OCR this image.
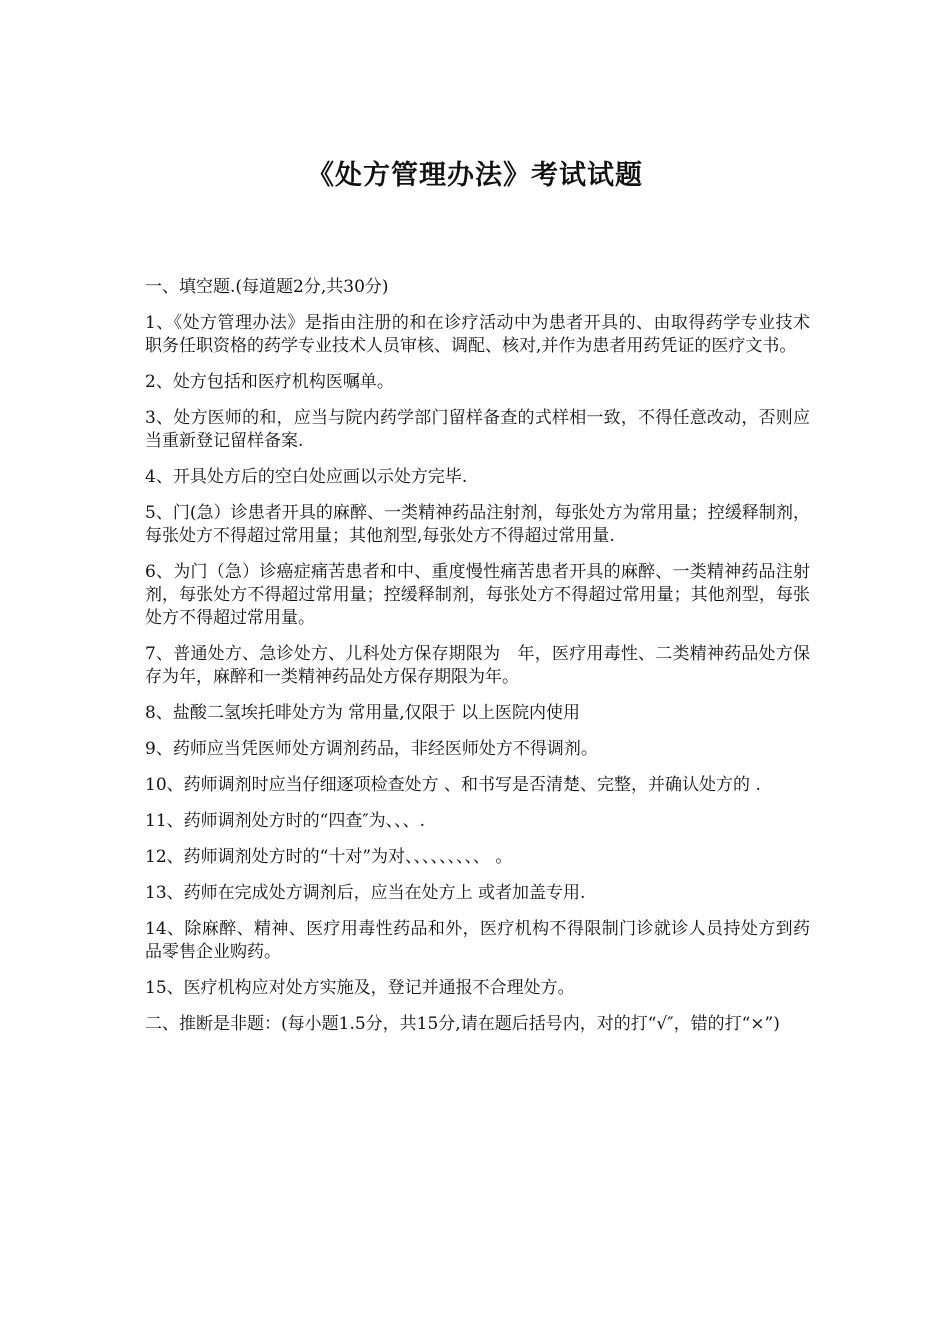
《处方管理办法》考试试题

一、填空题.(每道题2分,共30分)

1、《处方管理办法》是指由注册的和在诊疗活动中为患者开具的、由取得药学专业技术职务任职资格的药学专业技术人员审核、调配、核对,并作为患者用药凭证的医疗文书。

2、处方包括和医疗机构医嘱单。

3、处方医师的和，应当与院内药学部门留样备查的式样相一致，不得任意改动，否则应当重新登记留样备案.

4、开具处方后的空白处应画以示处方完毕.

5、门(急）诊患者开具的麻醉、一类精神药品注射剂，每张处方为常用量；控缓释制剂，每张处方不得超过常用量；其他剂型,每张处方不得超过常用量.

6、为门（急）诊癌症痛苦患者和中、重度慢性痛苦患者开具的麻醉、一类精神药品注射剂，每张处方不得超过常用量；控缓释制剂，每张处方不得超过常用量；其他剂型，每张处方不得超过常用量。

7、普通处方、急诊处方、儿科处方保存期限为　年，医疗用毒性、二类精神药品处方保存为年，麻醉和一类精神药品处方保存期限为年。

8、盐酸二氢埃托啡处方为 常用量,仅限于 以上医院内使用

9、药师应当凭医师处方调剂药品，非经医师处方不得调剂。

10、药师调剂时应当仔细逐项检查处方 、和书写是否清楚、完整，并确认处方的 .

11、药师调剂处方时的“四查″为、、、.

12、药师调剂处方时的“十对”为对、、、、、、、、、 。

13、药师在完成处方调剂后，应当在处方上 或者加盖专用.

14、除麻醉、精神、医疗用毒性药品和外，医疗机构不得限制门诊就诊人员持处方到药品零售企业购药。

15、医疗机构应对处方实施及，登记并通报不合理处方。

二、推断是非题：(每小题1.5分，共15分,请在题后括号内，对的打“√″，错的打“×”)
